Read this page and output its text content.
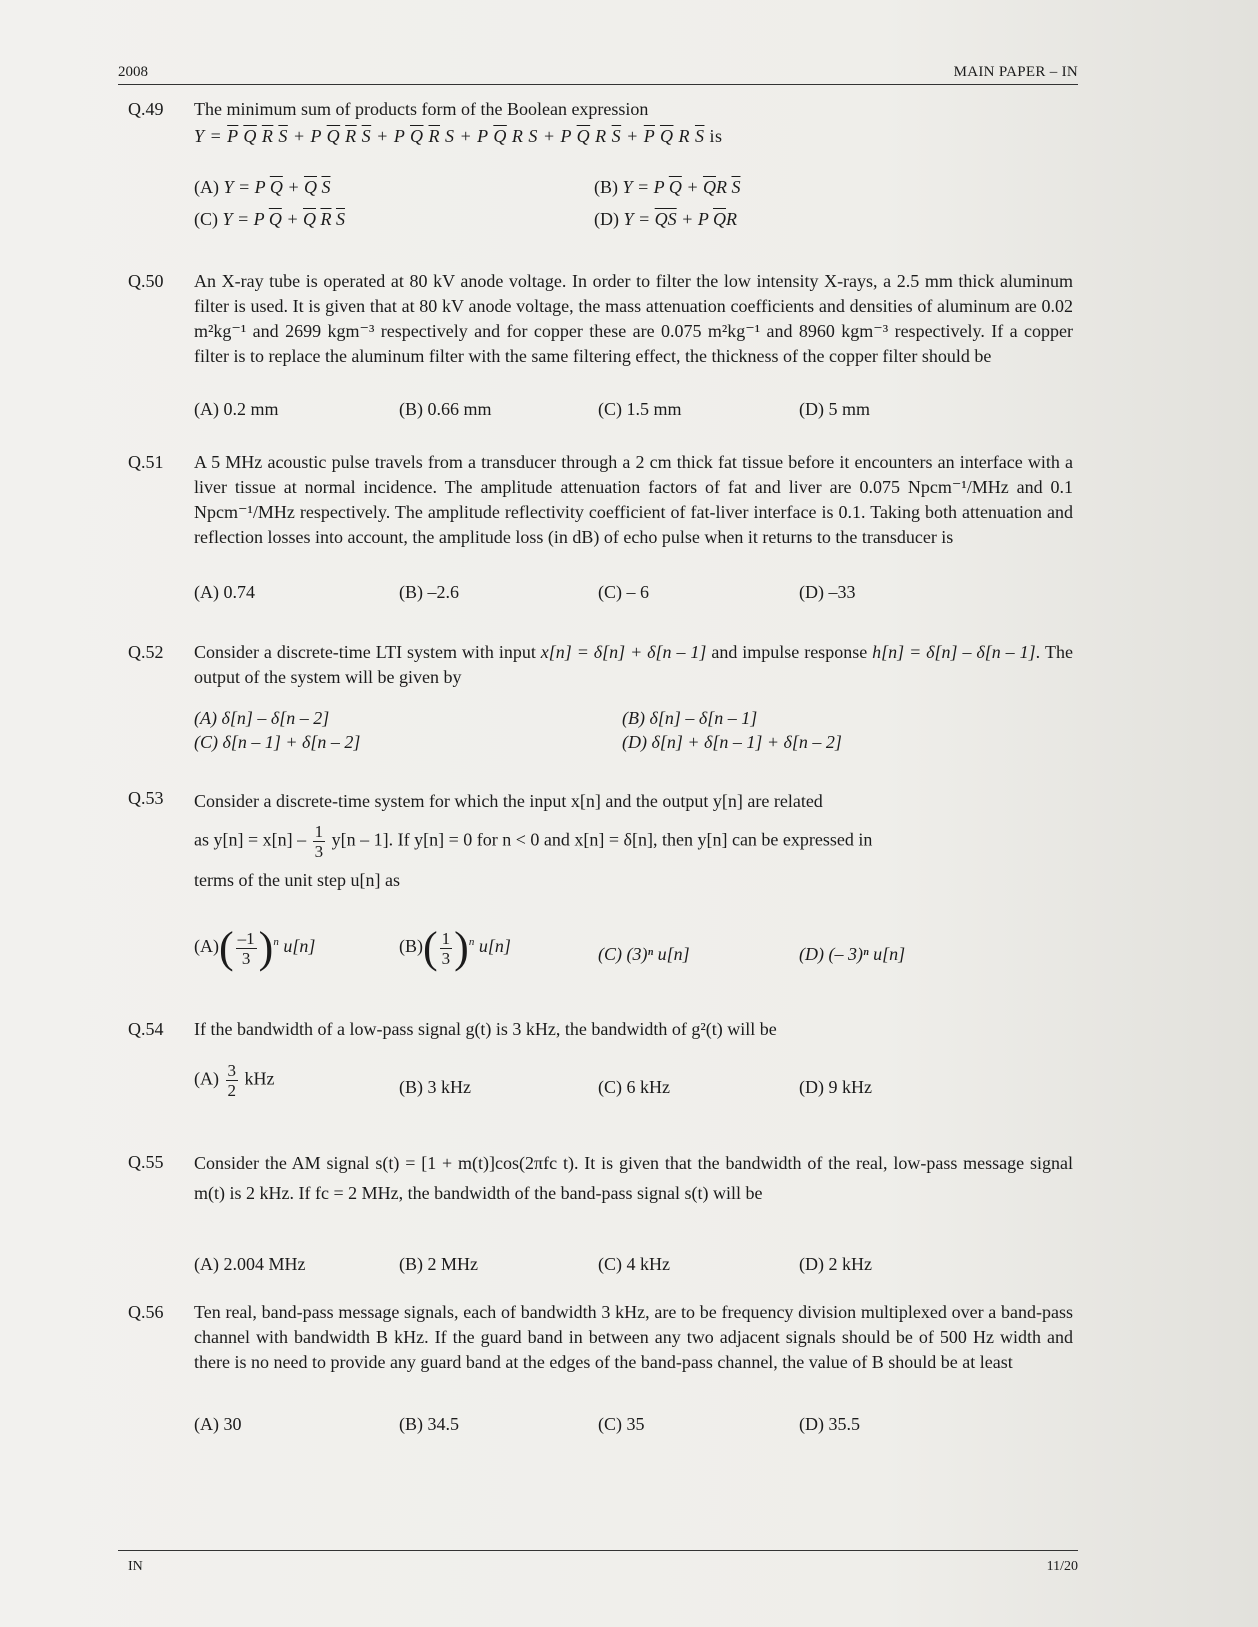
2008	MAIN PAPER – IN
Q.49 The minimum sum of products form of the Boolean expression
$Y = \overline{P}$ $\overline{Q}$ $\overline{R}$ $\overline{S} + P$ $\overline{Q}$ $\overline{R}$ $\overline{S} + P$ $\overline{Q}$ $\overline{R}$ S + P $\overline{Q}$ R S + P $\overline{Q}$ R $\overline{S} + \overline{P}$ $\overline{Q}$ R $\overline{S}$ is
(A) Y = P $\overline{Q} + \overline{Q}$ $\overline{S}$	(B) Y = P $\overline{Q} + \overline{Q}R$ $\overline{S}$
(C) Y = P $\overline{Q} + \overline{Q}$ $\overline{R}$ $\overline{S}$	(D) $Y = \overline{QS} + P$ $\overline{Q}R$
Q.50 An X-ray tube is operated at 80 kV anode voltage. In order to filter the low intensity X-rays, a 2.5 mm thick aluminum filter is used. It is given that at 80 kV anode voltage, the mass attenuation coefficients and densities of aluminum are 0.02 m²kg⁻¹ and 2699 kgm⁻³ respectively and for copper these are 0.075 m²kg⁻¹ and 8960 kgm⁻³ respectively. If a copper filter is to replace the aluminum filter with the same filtering effect, the thickness of the copper filter should be
(A) 0.2 mm	(B) 0.66 mm	(C) 1.5 mm	(D) 5 mm
Q.51 A 5 MHz acoustic pulse travels from a transducer through a 2 cm thick fat tissue before it encounters an interface with a liver tissue at normal incidence. The amplitude attenuation factors of fat and liver are 0.075 Npcm⁻¹/MHz and 0.1 Npcm⁻¹/MHz respectively. The amplitude reflectivity coefficient of fat-liver interface is 0.1. Taking both attenuation and reflection losses into account, the amplitude loss (in dB) of echo pulse when it returns to the transducer is
(A) 0.74	(B) –2.6	(C) – 6	(D) –33
Q.52 Consider a discrete-time LTI system with input x[n] = δ[n] + δ[n – 1] and impulse response h[n] = δ[n] – δ[n – 1]. The output of the system will be given by
(A) δ[n] – δ[n – 2]	(B) δ[n] – δ[n – 1]
(C) δ[n – 1] + δ[n – 2]	(D) δ[n] + δ[n – 1] + δ[n – 2]
Q.53 Consider a discrete-time system for which the input x[n] and the output y[n] are related
as $y[n] = x[n] - \frac{1}{3} y[n - 1]$. If y[n] = 0 for n < 0 and x[n] = δ[n], then y[n] can be expressed in
terms of the unit step u[n] as
$(A)( \frac{-1}{3} )^n$ u[n]	$(B)( \frac{1}{3} )^n$ u[n]	(C) (3)ⁿ u[n]	(D) (– 3)ⁿ u[n]
Q.54 If the bandwidth of a low-pass signal g(t) is 3 kHz, the bandwidth of g²(t) will be
$(A) \frac{3}{2}$ kHz	(B) 3 kHz	(C) 6 kHz	(D) 9 kHz
Q.55 Consider the AM signal s(t) = [1 + m(t)]cos(2πfc t). It is given that the bandwidth of the real, low-pass message signal m(t) is 2 kHz. If fc = 2 MHz, the bandwidth of the band-pass signal s(t) will be
(A) 2.004 MHz	(B) 2 MHz	(C) 4 kHz	(D) 2 kHz
Q.56 Ten real, band-pass message signals, each of bandwidth 3 kHz, are to be frequency division multiplexed over a band-pass channel with bandwidth B kHz. If the guard band in between any two adjacent signals should be of 500 Hz width and there is no need to provide any guard band at the edges of the band-pass channel, the value of B should be at least
(A) 30	(B) 34.5	(C) 35	(D) 35.5
IN	11/20
